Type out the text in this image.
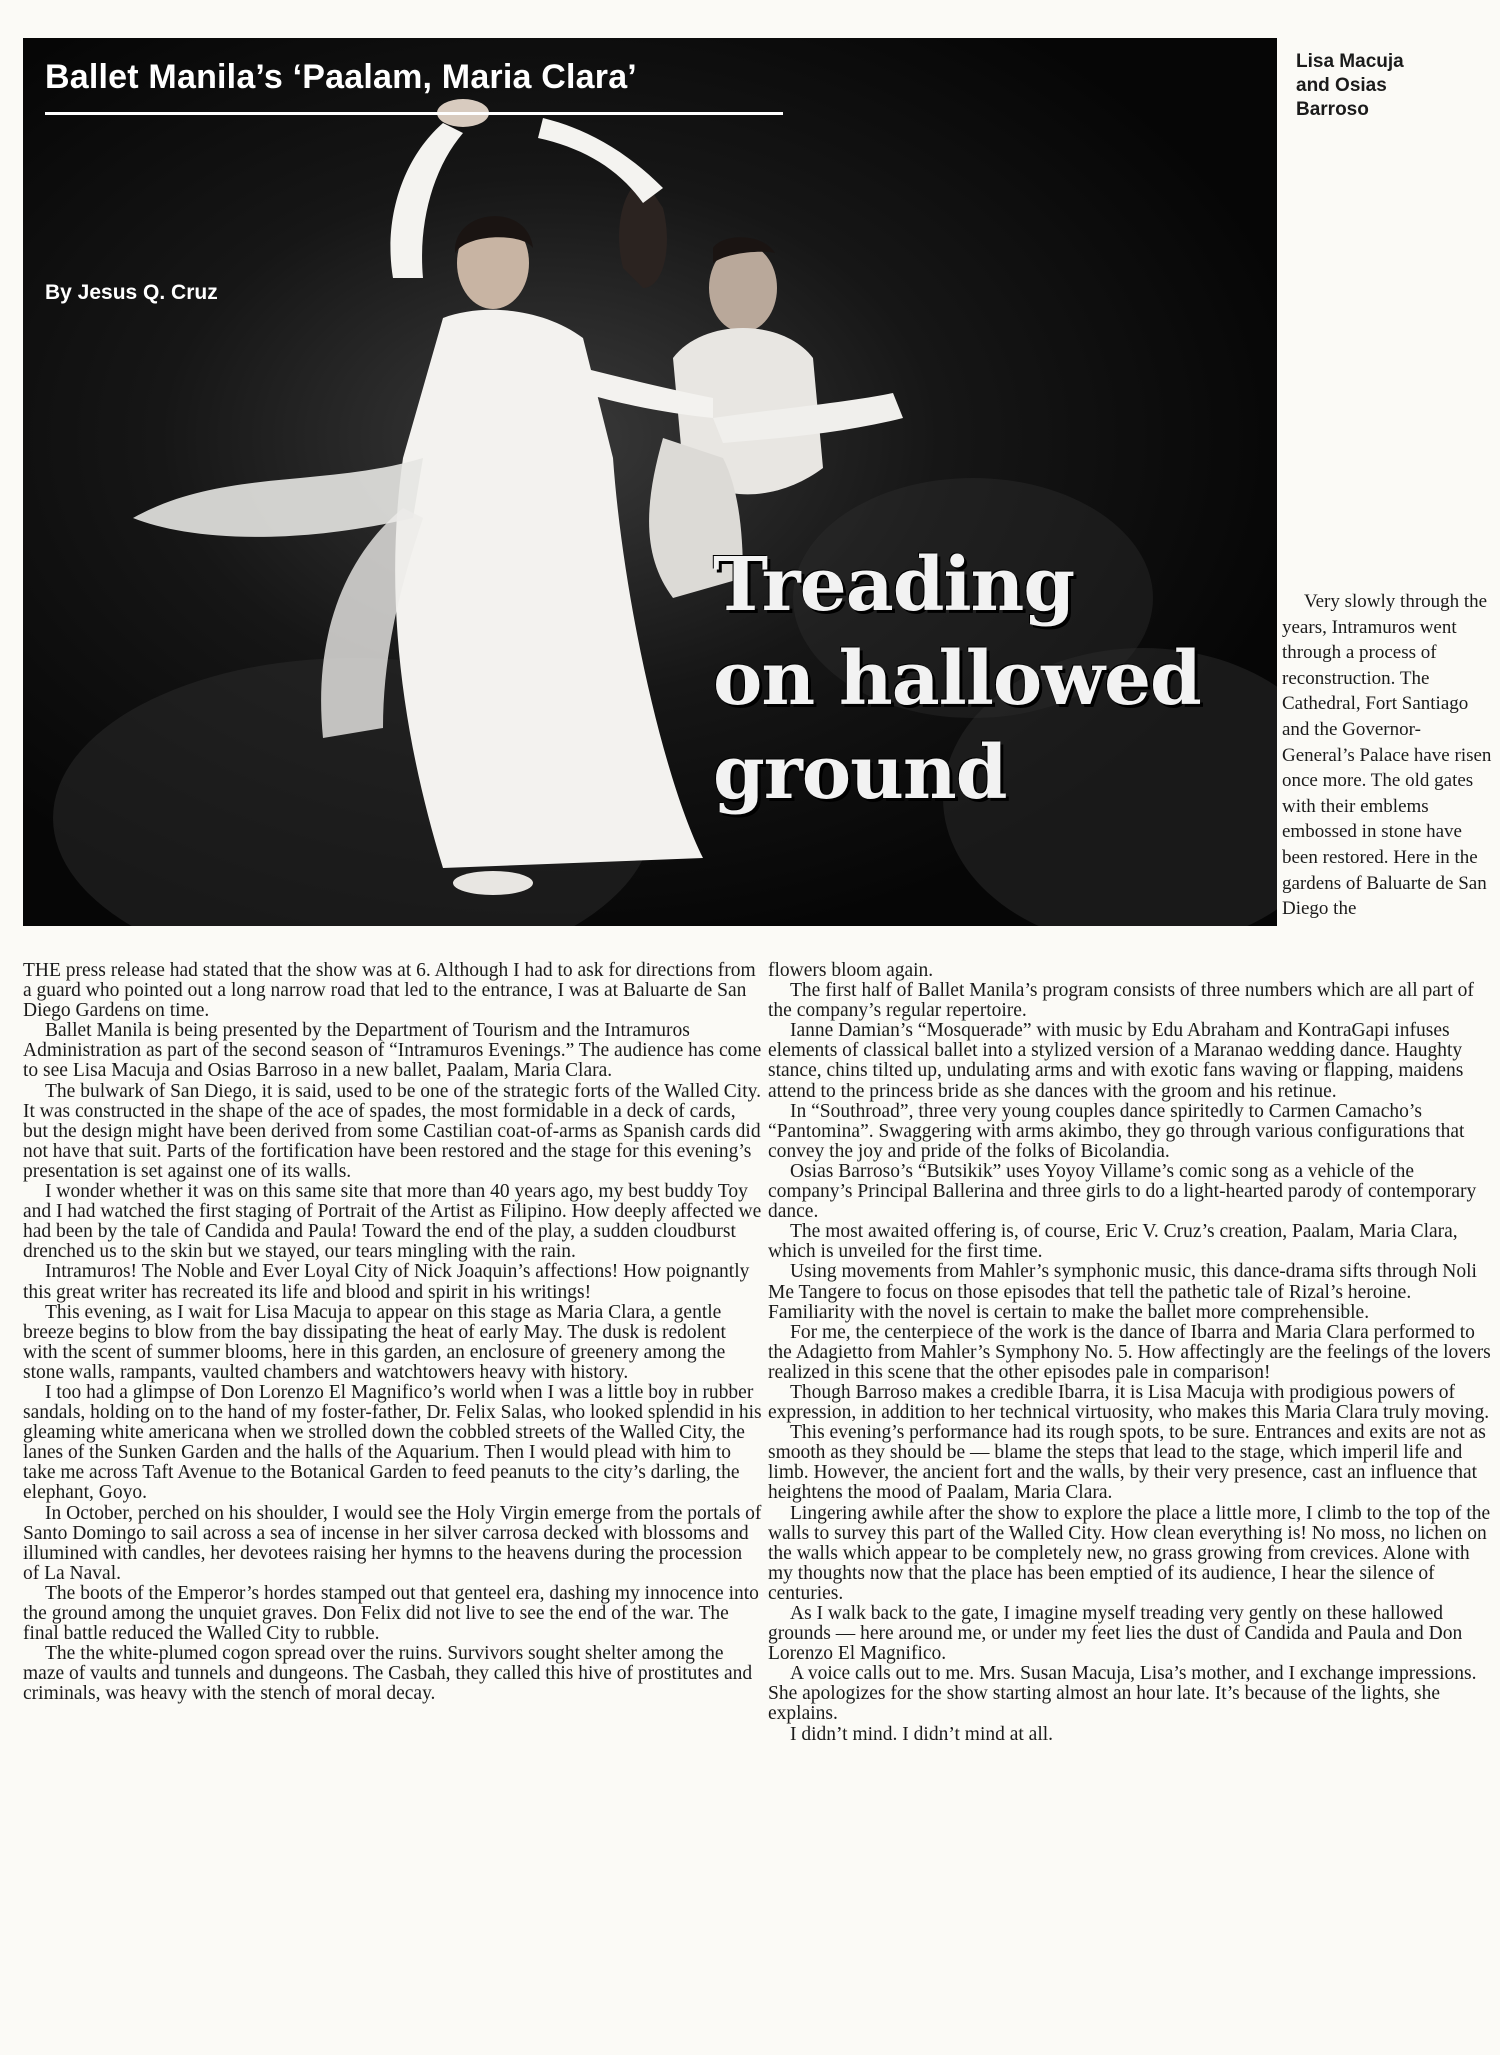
Ballet Manila’s ‘Paalam, Maria Clara’
By Jesus Q. Cruz
Treading
on hallowed
ground
Lisa Macuja
and Osias
Barroso

Very slowly through the years, Intramuros went through a process of reconstruction. The Cathedral, Fort Santiago and the Governor-General’s Palace have risen once more. The old gates with their emblems embossed in stone have been restored. Here in the gardens of Baluarte de San Diego the

THE press release had stated that the show was at 6. Although I had to ask for directions from a guard who pointed out a long narrow road that led to the entrance, I was at Baluarte de San Diego Gardens on time.

Ballet Manila is being presented by the Department of Tourism and the Intramuros Administration as part of the second season of “Intramuros Evenings.” The audience has come to see Lisa Macuja and Osias Barroso in a new ballet, Paalam, Maria Clara.

The bulwark of San Diego, it is said, used to be one of the strategic forts of the Walled City. It was constructed in the shape of the ace of spades, the most formidable in a deck of cards, but the design might have been derived from some Castilian coat-of-arms as Spanish cards did not have that suit. Parts of the fortification have been restored and the stage for this evening’s presentation is set against one of its walls.

I wonder whether it was on this same site that more than 40 years ago, my best buddy Toy and I had watched the first staging of Portrait of the Artist as Filipino. How deeply affected we had been by the tale of Candida and Paula! Toward the end of the play, a sudden cloudburst drenched us to the skin but we stayed, our tears mingling with the rain.

Intramuros! The Noble and Ever Loyal City of Nick Joaquin’s affections! How poignantly this great writer has recreated its life and blood and spirit in his writings!

This evening, as I wait for Lisa Macuja to appear on this stage as Maria Clara, a gentle breeze begins to blow from the bay dissipating the heat of early May. The dusk is redolent with the scent of summer blooms, here in this garden, an enclosure of greenery among the stone walls, rampants, vaulted chambers and watchtowers heavy with history.

I too had a glimpse of Don Lorenzo El Magnifico’s world when I was a little boy in rubber sandals, holding on to the hand of my foster-father, Dr. Felix Salas, who looked splendid in his gleaming white americana when we strolled down the cobbled streets of the Walled City, the lanes of the Sunken Garden and the halls of the Aquarium. Then I would plead with him to take me across Taft Avenue to the Botanical Garden to feed peanuts to the city’s darling, the elephant, Goyo.

In October, perched on his shoulder, I would see the Holy Virgin emerge from the portals of Santo Domingo to sail across a sea of incense in her silver carrosa decked with blossoms and illumined with candles, her devotees raising her hymns to the heavens during the procession of La Naval.

The boots of the Emperor’s hordes stamped out that genteel era, dashing my innocence into the ground among the unquiet graves. Don Felix did not live to see the end of the war. The final battle reduced the Walled City to rubble.

The the white-plumed cogon spread over the ruins. Survivors sought shelter among the maze of vaults and tunnels and dungeons. The Casbah, they called this hive of prostitutes and criminals, was heavy with the stench of moral decay.

flowers bloom again.

The first half of Ballet Manila’s program consists of three numbers which are all part of the company’s regular repertoire.

Ianne Damian’s “Mosquerade” with music by Edu Abraham and KontraGapi infuses elements of classical ballet into a stylized version of a Maranao wedding dance. Haughty stance, chins tilted up, undulating arms and with exotic fans waving or flapping, maidens attend to the princess bride as she dances with the groom and his retinue.

In “Southroad”, three very young couples dance spiritedly to Carmen Camacho’s “Pantomina”. Swaggering with arms akimbo, they go through various configurations that convey the joy and pride of the folks of Bicolandia.

Osias Barroso’s “Butsikik” uses Yoyoy Villame’s comic song as a vehicle of the company’s Principal Ballerina and three girls to do a light-hearted parody of contemporary dance.

The most awaited offering is, of course, Eric V. Cruz’s creation, Paalam, Maria Clara, which is unveiled for the first time.

Using movements from Mahler’s symphonic music, this dance-drama sifts through Noli Me Tangere to focus on those episodes that tell the pathetic tale of Rizal’s heroine. Familiarity with the novel is certain to make the ballet more comprehensible.

For me, the centerpiece of the work is the dance of Ibarra and Maria Clara performed to the Adagietto from Mahler’s Symphony No. 5. How affectingly are the feelings of the lovers realized in this scene that the other episodes pale in comparison!

Though Barroso makes a credible Ibarra, it is Lisa Macuja with prodigious powers of expression, in addition to her technical virtuosity, who makes this Maria Clara truly moving.

This evening’s performance had its rough spots, to be sure. Entrances and exits are not as smooth as they should be — blame the steps that lead to the stage, which imperil life and limb. However, the ancient fort and the walls, by their very presence, cast an influence that heightens the mood of Paalam, Maria Clara.

Lingering awhile after the show to explore the place a little more, I climb to the top of the walls to survey this part of the Walled City. How clean everything is! No moss, no lichen on the walls which appear to be completely new, no grass growing from crevices. Alone with my thoughts now that the place has been emptied of its audience, I hear the silence of centuries.

As I walk back to the gate, I imagine myself treading very gently on these hallowed grounds — here around me, or under my feet lies the dust of Candida and Paula and Don Lorenzo El Magnifico.

A voice calls out to me. Mrs. Susan Macuja, Lisa’s mother, and I exchange impressions. She apologizes for the show starting almost an hour late. It’s because of the lights, she explains.

I didn’t mind. I didn’t mind at all.
